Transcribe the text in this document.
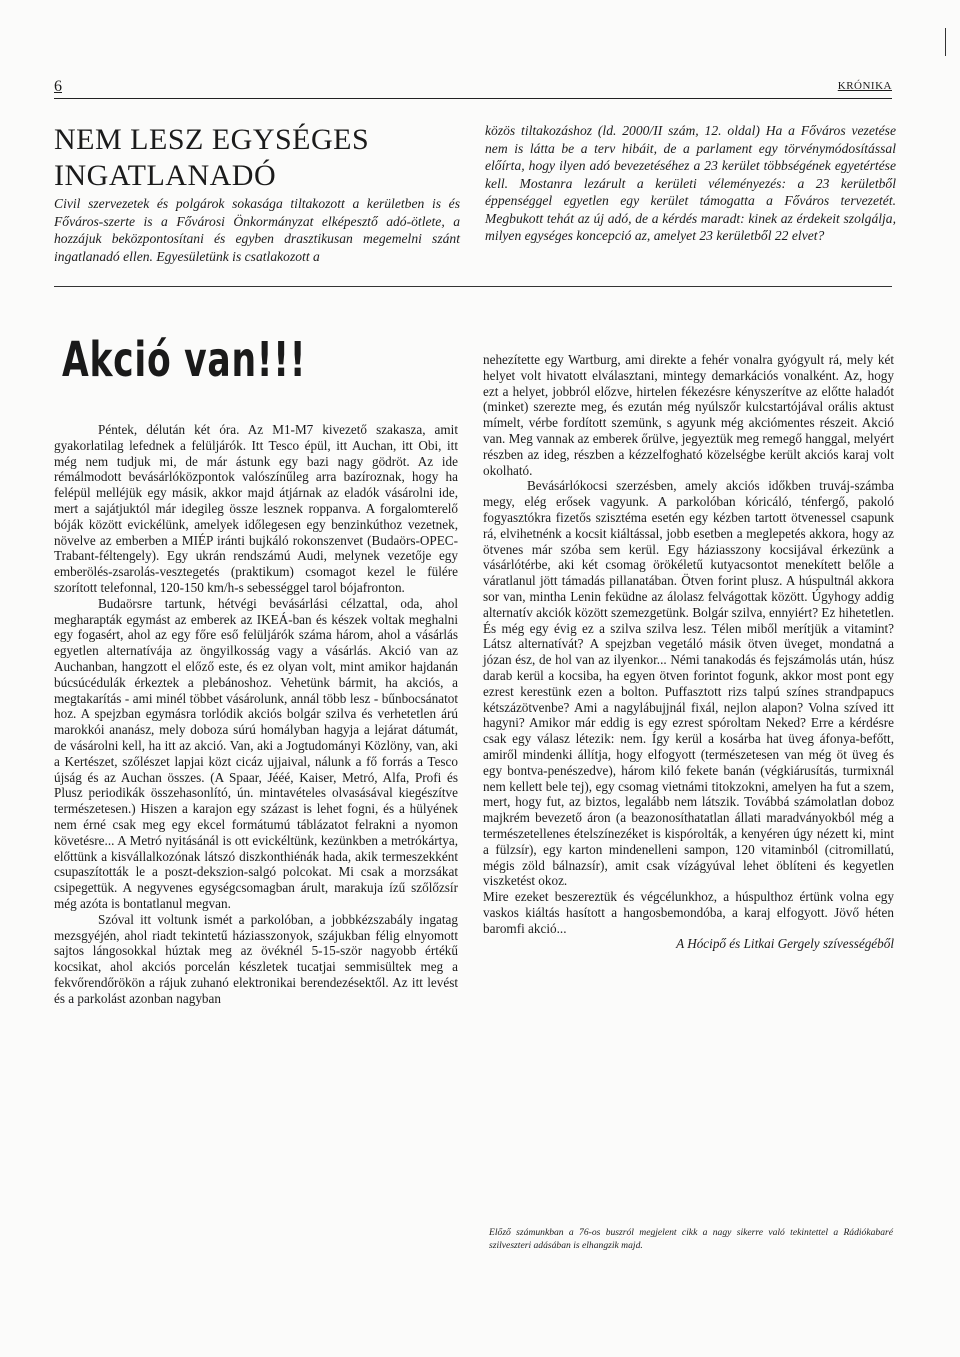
6	KRÓNIKA
NEM LESZ EGYSÉGES INGATLANADÓ

Civil szervezetek és polgárok sokasága tiltakozott a kerületben is és Főváros-szerte is a Fővárosi Önkormányzat elképesztő adó-ötlete, a hozzájuk beközpontosítani és egyben drasztikusan megemelni szánt ingatlanadó ellen. Egyesületünk is csatlakozott a

közös tiltakozáshoz (ld. 2000/II szám, 12. oldal) Ha a Főváros vezetése nem is látta be a terv hibáit, de a parlament egy törvénymódosítással előírta, hogy ilyen adó bevezetéséhez a 23 kerület többségének egyetértése kell. Mostanra lezárult a kerületi véleményezés: a 23 kerületből éppenséggel egyetlen egy kerület támogatta a Főváros tervezetét. Megbukott tehát az új adó, de a kérdés maradt: kinek az érdekeit szolgálja, milyen egységes koncepció az, amelyet 23 kerületből 22 elvet?

Akció van!!!

Péntek, délután két óra. Az M1-M7 kivezető szakasza, amit gyakorlatilag lefednek a felüljárók. Itt Tesco épül, itt Auchan, itt Obi, itt még nem tudjuk mi, de már ástunk egy bazi nagy gödröt. Az ide rémálmodott bevásárlóközpontok valószínűleg arra bazíroznak, hogy ha felépül melléjük egy másik, akkor majd átjárnak az eladók vásárolni ide, mert a sajátjuktól már idegileg össze lesznek roppanva. A forgalomterelő bóják között evickélünk, amelyek időlegesen egy benzinkúthoz vezetnek, növelve az emberben a MIÉP iránti bujkáló rokonszenvet (Budaörs-OPEC-Trabant-féltengely). Egy ukrán rendszámú Audi, melynek vezetője egy emberölés-zsarolás-vesztegetés (praktikum) csomagot kezel le fülére szorított telefonnal, 120-150 km/h-s sebességgel tarol bójafronton.

Budaörsre tartunk, hétvégi bevásárlási célzattal, oda, ahol megharapták egymást az emberek az IKEÁ-ban és készek voltak meghalni egy fogasért, ahol az egy főre eső felüljárók száma három, ahol a vásárlás egyetlen alternatívája az öngyilkosság vagy a vásárlás. Akció van az Auchanban, hangzott el előző este, és ez olyan volt, mint amikor hajdanán búcsúcédulák érkeztek a plebánoshoz. Vehetünk bármit, ha akciós, a megtakarítás - ami minél többet vásárolunk, annál több lesz - bűnbocsánatot hoz. A spejzban egymásra torlódik akciós bolgár szilva és verhetetlen árú marokkói ananász, mely doboza súrú homályban hagyja a lejárat dátumát, de vásárolni kell, ha itt az akció. Van, aki a Jogtudományi Közlöny, van, aki a Kertészet, szőlészet lapjai közt cicáz ujjaival, nálunk a fő forrás a Tesco újság és az Auchan összes. (A Spaar, Jééé, Kaiser, Metró, Alfa, Profi és Plusz periodikák összehasonlító, ún. mintavételes olvasásával kiegészítve természetesen.) Hiszen a karajon egy százast is lehet fogni, és a hülyének nem érné csak meg egy ekcel formátumú táblázatot felrakni a nyomon követésre... A Metró nyitásánál is ott evickéltünk, kezünkben a metrókártya, előttünk a kisvállalkozónak látszó diszkonthiénák hada, akik termeszekként csupaszították le a poszt-dekszion-salgó polcokat. Mi csak a morzsákat csipegettük. A negyvenes egységcsomagban árult, marakuja ízű szőlőzsír még azóta is bontatlanul megvan.

Szóval itt voltunk ismét a parkolóban, a jobbkézszabály ingatag mezsgyéjén, ahol riadt tekintetű háziasszonyok, szájukban félig elnyomott sajtos lángosokkal húztak meg az övéknél 5-15-ször nagyobb értékű kocsikat, ahol akciós porcelán készletek tucatjai semmisültek meg a fekvőrendőrökön a rájuk zuhanó elektronikai berendezésektől. Az itt levést és a parkolást azonban nagyban

nehezítette egy Wartburg, ami direkte a fehér vonalra gyógyult rá, mely két helyet volt hivatott elválasztani, mintegy demarkációs vonalként. Az, hogy ezt a helyet, jobbról előzve, hirtelen fékezésre kényszerítve az előtte haladót (minket) szerezte meg, és ezután még nyúlszőr kulcstartójával orális aktust mímelt, vérbe fordított szemünk, s agyunk még akciómentes részeit. Akció van. Meg vannak az emberek őrülve, jegyeztük meg remegő hanggal, melyért részben az ideg, részben a kézzelfogható közelségbe került akciós karaj volt okolható.

Bevásárlókocsi szerzésben, amely akciós időkben truváj-számba megy, elég erősek vagyunk. A parkolóban kóricáló, ténfergő, pakoló fogyasztókra fizetős szisztéma esetén egy kézben tartott ötvenessel csapunk rá, elvihetnénk a kocsit kiáltással, jobb esetben a meglepetés akkora, hogy az ötvenes már szóba sem kerül. Egy háziasszony kocsijával érkezünk a vásárlótérbe, aki két csomag örökéletű kutyacsontot menekített belőle a váratlanul jött támadás pillanatában. Ötven forint plusz. A húspultnál akkora sor van, mintha Lenin feküdne az álolasz felvágottak között. Úgyhogy addig alternatív akciók között szemezgetünk. Bolgár szilva, ennyiért? Ez hihetetlen. És még egy évig ez a szilva szilva lesz. Télen miből merítjük a vitamint? Látsz alternatívát? A spejzban vegetáló másik ötven üveget, mondatná a józan ész, de hol van az ilyenkor... Némi tanakodás és fejszámolás után, húsz darab kerül a kocsiba, ha egyen ötven forintot fogunk, akkor most pont egy ezrest kerestünk ezen a bolton. Puffasztott rizs talpú színes strandpapucs kétszázötvenbe? Ami a nagylábujjnál fixál, nejlon alapon? Volna szíved itt hagyni? Amikor már eddig is egy ezrest spóroltam Neked? Erre a kérdésre csak egy válasz létezik: nem. Így kerül a kosárba hat üveg áfonya-befőtt, amiről mindenki állítja, hogy elfogyott (természetesen van még öt üveg és egy bontva-penészedve), három kiló fekete banán (végkiárusítás, turmixnál nem kellett bele tej), egy csomag vietnámi titokzokni, amelyen ha fut a szem, mert, hogy fut, az biztos, legalább nem látszik. Továbbá számolatlan doboz majkrém bevezető áron (a beazonosíthatatlan állati maradványokból még a természetellenes ételszínezéket is kispórolták, a kenyéren úgy nézett ki, mint a fülzsír), egy karton mindenelleni sampon, 120 vitaminból (citromillatú, mégis zöld bálnazsír), amit csak vízágyúval lehet öblíteni és kegyetlen viszketést okoz.

Mire ezeket beszereztük és végcélunkhoz, a húspulthoz értünk volna egy vaskos kiáltás hasított a hangosbemondóba, a karaj elfogyott. Jövő héten baromfi akció...

A Hócipő és Litkai Gergely szívességéből

Előző számunkban a 76-os buszról megjelent cikk a nagy sikerre való tekintettel a Rádiókabaré szilveszteri adásában is elhangzik majd.
